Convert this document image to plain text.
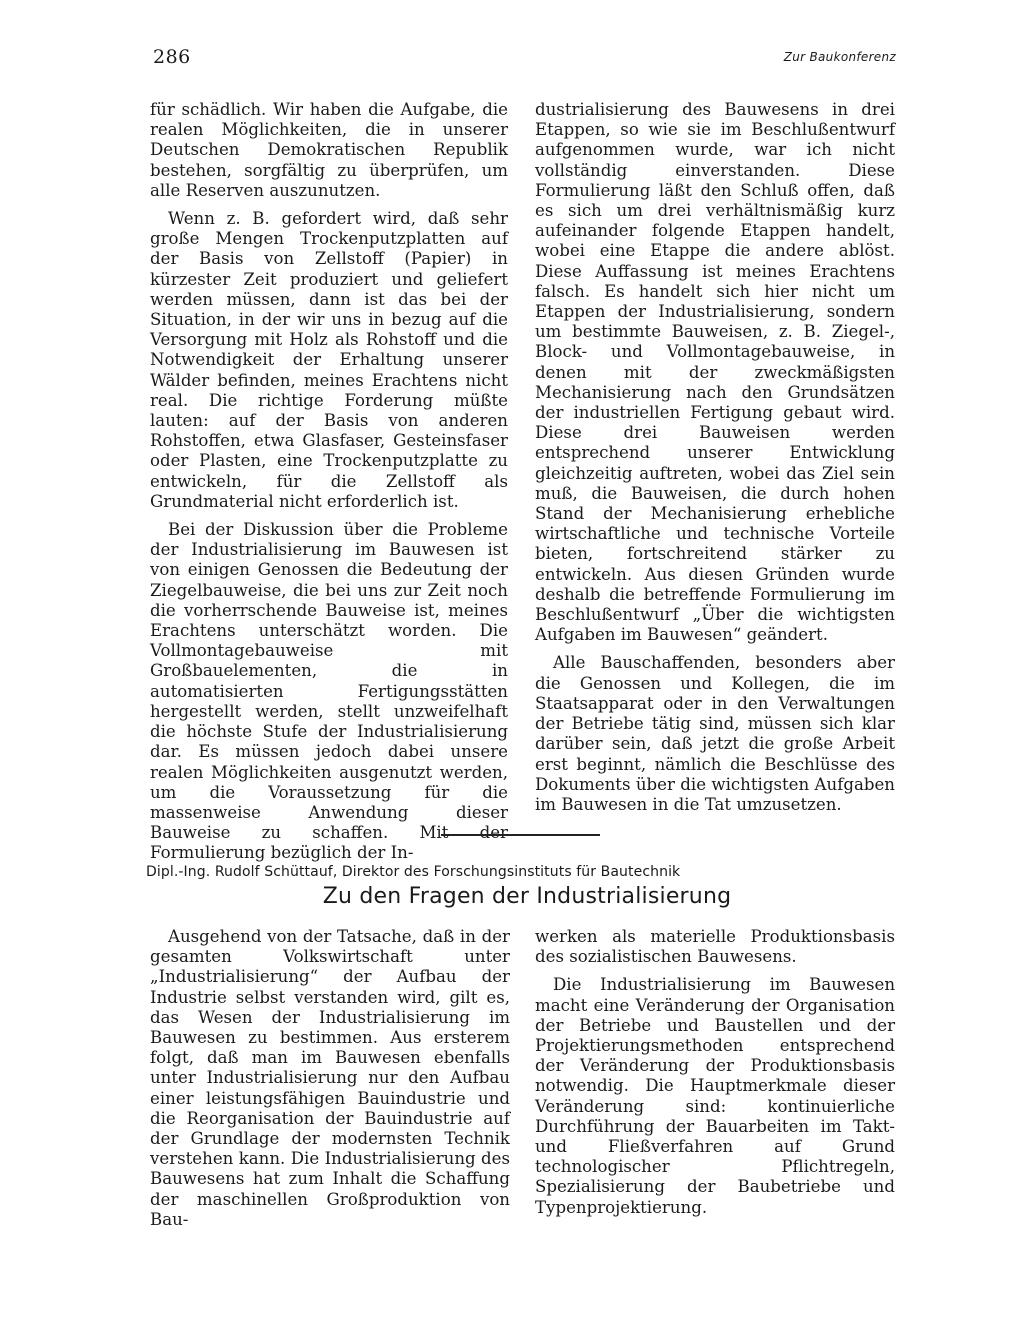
286	Zur Baukonferenz

für schädlich. Wir haben die Aufgabe, die realen Möglichkeiten, die in unserer Deutschen Demokratischen Republik bestehen, sorgfältig zu überprüfen, um alle Reserven auszunutzen.

Wenn z. B. gefordert wird, daß sehr große Mengen Trockenputzplatten auf der Basis von Zellstoff (Papier) in kürzester Zeit produziert und geliefert werden müssen, dann ist das bei der Situation, in der wir uns in bezug auf die Versorgung mit Holz als Rohstoff und die Notwendigkeit der Erhaltung unserer Wälder befinden, meines Erachtens nicht real. Die richtige Forderung müßte lauten: auf der Basis von anderen Rohstoffen, etwa Glasfaser, Gesteinsfaser oder Plasten, eine Trockenputzplatte zu entwickeln, für die Zellstoff als Grundmaterial nicht erforderlich ist.

Bei der Diskussion über die Probleme der Industrialisierung im Bauwesen ist von einigen Genossen die Bedeutung der Ziegelbauweise, die bei uns zur Zeit noch die vorherrschende Bauweise ist, meines Erachtens unterschätzt worden. Die Vollmontagebauweise mit Großbauelementen, die in automatisierten Fertigungsstätten hergestellt werden, stellt unzweifelhaft die höchste Stufe der Industrialisierung dar. Es müssen jedoch dabei unsere realen Möglichkeiten ausgenutzt werden, um die Voraussetzung für die massenweise Anwendung dieser Bauweise zu schaffen. Mit der Formulierung bezüglich der In-

dustrialisierung des Bauwesens in drei Etappen, so wie sie im Beschlußentwurf aufgenommen wurde, war ich nicht vollständig einverstanden. Diese Formulierung läßt den Schluß offen, daß es sich um drei verhältnismäßig kurz aufeinander folgende Etappen handelt, wobei eine Etappe die andere ablöst. Diese Auffassung ist meines Erachtens falsch. Es handelt sich hier nicht um Etappen der Industrialisierung, sondern um bestimmte Bauweisen, z. B. Ziegel-, Block- und Vollmontagebauweise, in denen mit der zweckmäßigsten Mechanisierung nach den Grundsätzen der industriellen Fertigung gebaut wird. Diese drei Bauweisen werden entsprechend unserer Entwicklung gleichzeitig auftreten, wobei das Ziel sein muß, die Bauweisen, die durch hohen Stand der Mechanisierung erhebliche wirtschaftliche und technische Vorteile bieten, fortschreitend stärker zu entwickeln. Aus diesen Gründen wurde deshalb die betreffende Formulierung im Beschlußentwurf „Über die wichtigsten Aufgaben im Bauwesen“ geändert.

Alle Bauschaffenden, besonders aber die Genossen und Kollegen, die im Staatsapparat oder in den Verwaltungen der Betriebe tätig sind, müssen sich klar darüber sein, daß jetzt die große Arbeit erst beginnt, nämlich die Beschlüsse des Dokuments über die wichtigsten Aufgaben im Bauwesen in die Tat umzusetzen.

Dipl.-Ing. Rudolf Schüttauf, Direktor des Forschungsinstituts für Bautechnik
Zu den Fragen der Industrialisierung

Ausgehend von der Tatsache, daß in der gesamten Volkswirtschaft unter „Industrialisierung“ der Aufbau der Industrie selbst verstanden wird, gilt es, das Wesen der Industrialisierung im Bauwesen zu bestimmen. Aus ersterem folgt, daß man im Bauwesen ebenfalls unter Industrialisierung nur den Aufbau einer leistungsfähigen Bauindustrie und die Reorganisation der Bauindustrie auf der Grundlage der modernsten Technik verstehen kann. Die Industrialisierung des Bauwesens hat zum Inhalt die Schaffung der maschinellen Großproduktion von Bau-

werken als materielle Produktionsbasis des sozialistischen Bauwesens.

Die Industrialisierung im Bauwesen macht eine Veränderung der Organisation der Betriebe und Baustellen und der Projektierungsmethoden entsprechend der Veränderung der Produktionsbasis notwendig. Die Hauptmerkmale dieser Veränderung sind: kontinuierliche Durchführung der Bauarbeiten im Takt- und Fließverfahren auf Grund technologischer Pflichtregeln, Spezialisierung der Baubetriebe und Typenprojektierung.
